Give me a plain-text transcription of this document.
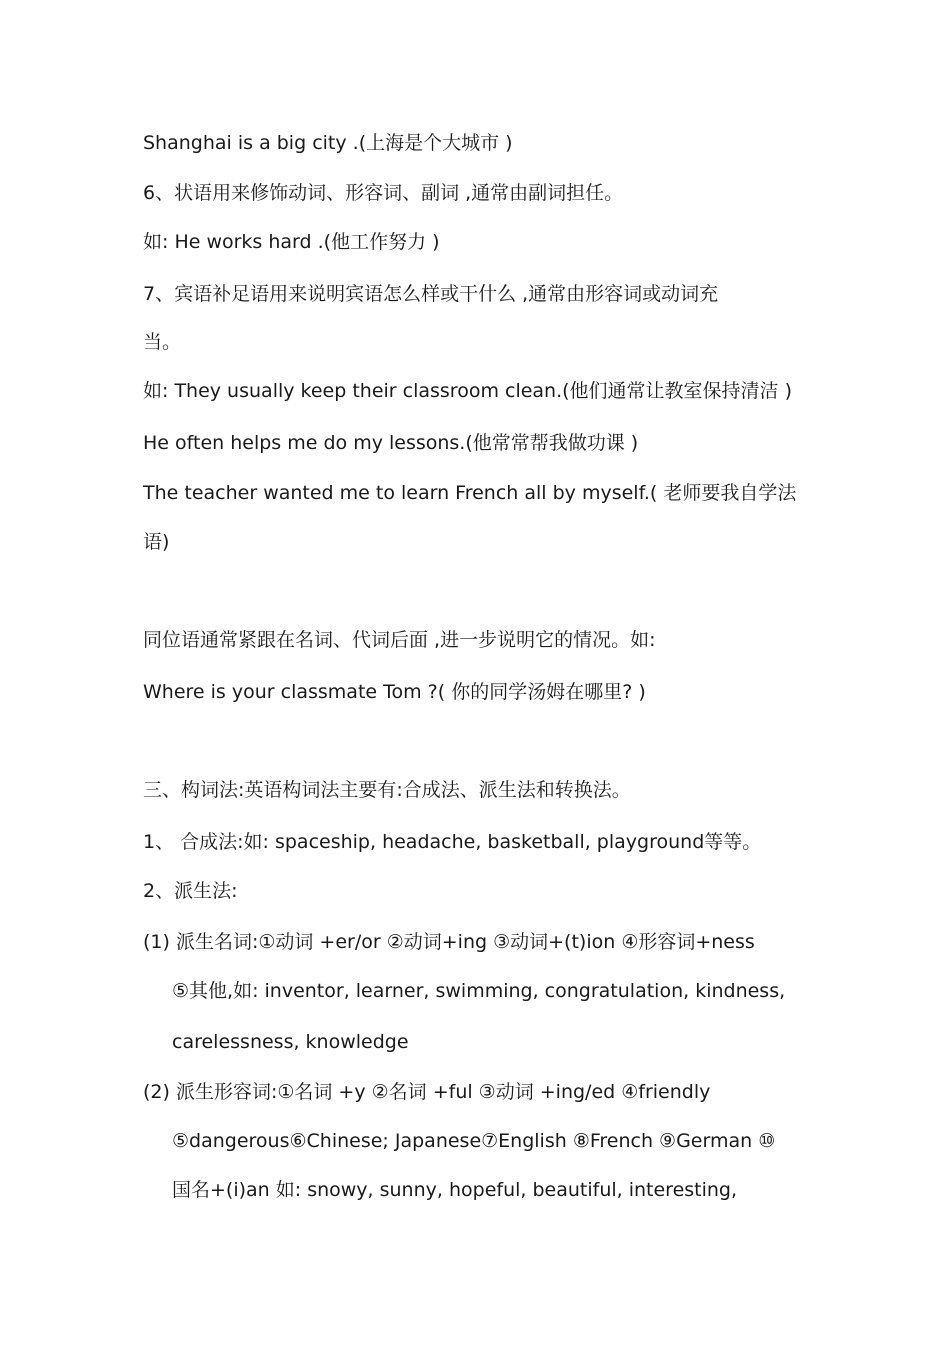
Shanghai is a big city .(上海是个大城市 )
6、状语用来修饰动词、形容词、副词 ,通常由副词担任。
如: He works hard .(他工作努力 )
7、宾语补足语用来说明宾语怎么样或干什么 ,通常由形容词或动词充
当。
如: They usually keep their classroom clean.(他们通常让教室保持清洁 )
He often helps me do my lessons.(他常常帮我做功课 )
The teacher wanted me to learn French all by myself.( 老师要我自学法
语)
同位语通常紧跟在名词、代词后面 ,进一步说明它的情况。如:
Where is your classmate Tom ?( 你的同学汤姆在哪里? )
三、构词法:英语构词法主要有:合成法、派生法和转换法。
1、 合成法:如: spaceship, headache, basketball, playground等等。
2、派生法:
(1) 派生名词:①动词 +er/or ②动词+ing ③动词+(t)ion ④形容词+ness
⑤其他,如: inventor, learner, swimming, congratulation, kindness,
carelessness, knowledge
(2) 派生形容词:①名词 +y ②名词 +ful ③动词 +ing/ed ④friendly
⑤dangerous⑥Chinese; Japanese⑦English ⑧French ⑨German ⑩
国名+(i)an 如: snowy, sunny, hopeful, beautiful, interesting,
